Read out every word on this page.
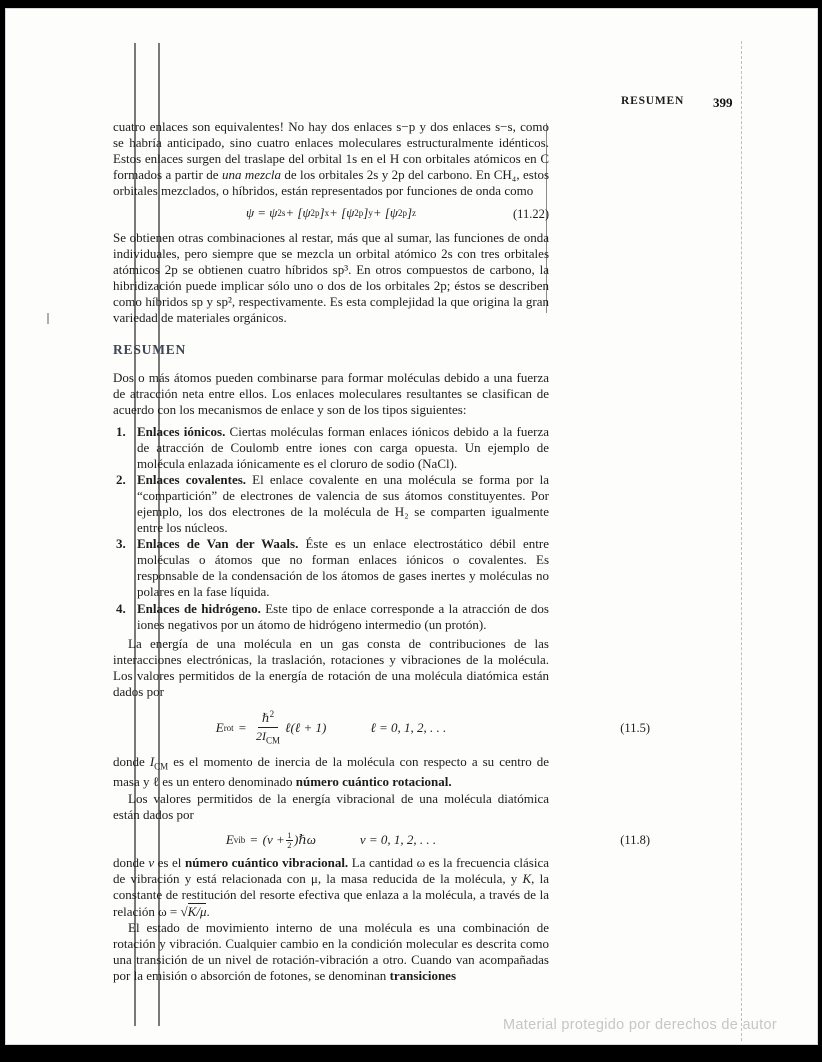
RESUMEN 399

cuatro enlaces son equivalentes! No hay dos enlaces s−p y dos enlaces s−s, como se habría anticipado, sino cuatro enlaces moleculares estructuralmente idénticos. Estos enlaces surgen del traslape del orbital 1s en el H con orbitales atómicos en C formados a partir de una mezcla de los orbitales 2s y 2p del carbono. En CH₄, estos orbitales mezclados, o híbridos, están representados por funciones de onda como

ψ = ψ 2s + [ψ 2p ] x + [ψ 2p ] y + [ψ 2p ] z	(11.22)

Se obtienen otras combinaciones al restar, más que al sumar, las funciones de onda individuales, pero siempre que se mezcla un orbital atómico 2s con tres orbitales atómicos 2p se obtienen cuatro híbridos sp³. En otros compuestos de carbono, la hibridización puede implicar sólo uno o dos de los orbitales 2p; éstos se describen como híbridos sp y sp², respectivamente. Es esta complejidad la que origina la gran variedad de materiales orgánicos.

RESUMEN

Dos o más átomos pueden combinarse para formar moléculas debido a una fuerza de atracción neta entre ellos. Los enlaces moleculares resultantes se clasifican de acuerdo con los mecanismos de enlace y son de los tipos siguientes:

1. Enlaces iónicos. Ciertas moléculas forman enlaces iónicos debido a la fuerza de atracción de Coulomb entre iones con carga opuesta. Un ejemplo de molécula enlazada iónicamente es el cloruro de sodio (NaCl).
2. Enlaces covalentes. El enlace covalente en una molécula se forma por la “compartición” de electrones de valencia de sus átomos constituyentes. Por ejemplo, los dos electrones de la molécula de H₂ se comparten igualmente entre los núcleos.
3. Enlaces de Van der Waals. Éste es un enlace electrostático débil entre moléculas o átomos que no forman enlaces iónicos o covalentes. Es responsable de la condensación de los átomos de gases inertes y moléculas no polares en la fase líquida.
4. Enlaces de hidrógeno. Este tipo de enlace corresponde a la atracción de dos iones negativos por un átomo de hidrógeno intermedio (un protón).

La energía de una molécula en un gas consta de contribuciones de las interacciones electrónicas, la traslación, rotaciones y vibraciones de la molécula. Los valores permitidos de la energía de rotación de una molécula diatómica están dados por

E rot = $\frac{\hbar^2}{2I_{CM}}$ ℓ(ℓ + 1)	ℓ = 0, 1, 2, . . .	(11.5)

donde $I_{CM}$ es el momento de inercia de la molécula con respecto a su centro de masa y ℓ es un entero denominado número cuántico rotacional.

Los valores permitidos de la energía vibracional de una molécula diatómica están dados por

E vib = ($v + \frac{1}{2}$ )ℏω	v = 0, 1, 2, . . .	(11.8)

donde v es el número cuántico vibracional. La cantidad ω es la frecuencia clásica de vibración y está relacionada con μ, la masa reducida de la molécula, y K, la constante de restitución del resorte efectiva que enlaza a la molécula, a través de la relación ω = √K/μ.

El estado de movimiento interno de una molécula es una combinación de rotación y vibración. Cualquier cambio en la condición molecular es descrita como una transición de un nivel de rotación-vibración a otro. Cuando van acompañadas por la emisión o absorción de fotones, se denominan transiciones

Material protegido por derechos de autor
